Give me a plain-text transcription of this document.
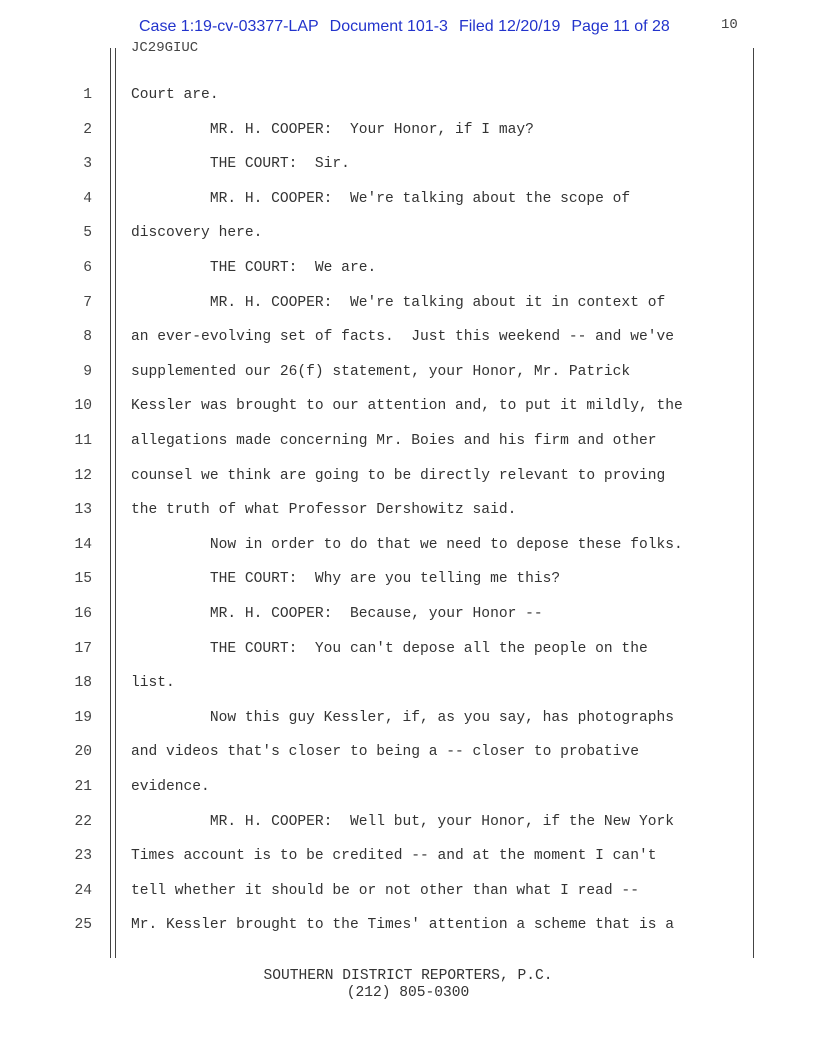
Case 1:19-cv-03377-LAP Document 101-3 Filed 12/20/19 Page 11 of 28	10
JC29GIUC
1	Court are.
2	MR. H. COOPER:  Your Honor, if I may?
3	THE COURT:  Sir.
4	MR. H. COOPER:  We're talking about the scope of
5	discovery here.
6	THE COURT:  We are.
7	MR. H. COOPER:  We're talking about it in context of
8	an ever-evolving set of facts.  Just this weekend -- and we've
9	supplemented our 26(f) statement, your Honor, Mr. Patrick
10	Kessler was brought to our attention and, to put it mildly, the
11	allegations made concerning Mr. Boies and his firm and other
12	counsel we think are going to be directly relevant to proving
13	the truth of what Professor Dershowitz said.
14	Now in order to do that we need to depose these folks.
15	THE COURT:  Why are you telling me this?
16	MR. H. COOPER:  Because, your Honor --
17	THE COURT:  You can't depose all the people on the
18	list.
19	Now this guy Kessler, if, as you say, has photographs
20	and videos that's closer to being a -- closer to probative
21	evidence.
22	MR. H. COOPER:  Well but, your Honor, if the New York
23	Times account is to be credited -- and at the moment I can't
24	tell whether it should be or not other than what I read --
25	Mr. Kessler brought to the Times' attention a scheme that is a
SOUTHERN DISTRICT REPORTERS, P.C.
(212) 805-0300
